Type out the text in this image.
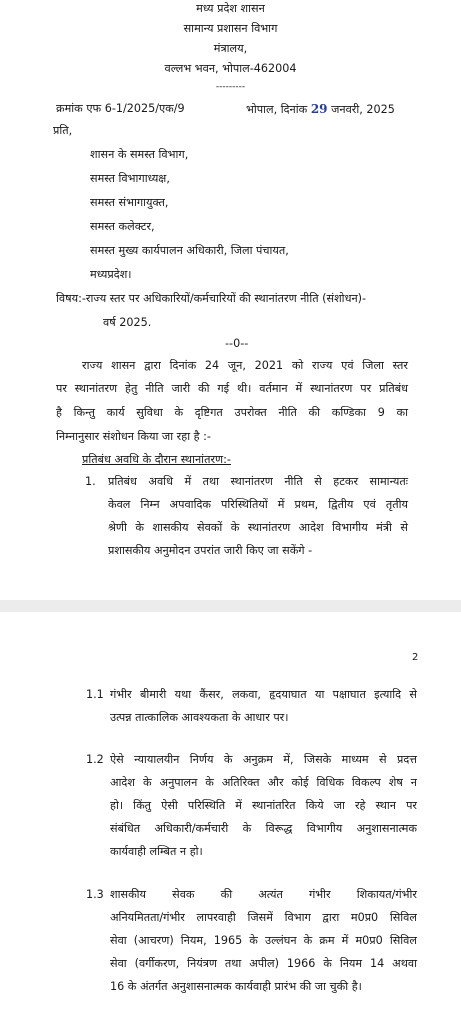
मध्य प्रदेश शासन
सामान्य प्रशासन विभाग
मंत्रालय,
वल्लभ भवन, भोपाल-462004
---------
क्रमांक एफ 6-1/2025/एक/9	भोपाल, दिनांक 29 जनवरी, 2025
प्रति,
शासन के समस्त विभाग,
समस्त विभागाध्यक्ष,
समस्त संभागायुक्त,
समस्त कलेक्टर,
समस्त मुख्य कार्यपालन अधिकारी, जिला पंचायत,
मध्यप्रदेश।
विषय:-राज्य स्तर पर अधिकारियों/कर्मचारियों की स्थानांतरण नीति (संशोधन)-
वर्ष 2025.
--0--
राज्य शासन द्वारा दिनांक 24 जून, 2021 को राज्य एवं जिला स्तर
पर स्थानांतरण हेतु नीति जारी की गई थी। वर्तमान में स्थानांतरण पर प्रतिबंध
है किन्तु कार्य सुविधा के दृष्टिगत उपरोक्त नीति की कण्डिका 9 का
निम्नानुसार संशोधन किया जा रहा है :-
प्रतिबंध अवधि के दौरान स्थानांतरण:-
1. प्रतिबंध अवधि में तथा स्थानांतरण नीति से हटकर सामान्यतः
केवल निम्न अपवादिक परिस्थितियों में प्रथम, द्वितीय एवं तृतीय
श्रेणी के शासकीय सेवकों के स्थानांतरण आदेश विभागीय मंत्री से
प्रशासकीय अनुमोदन उपरांत जारी किए जा सकेंगे -
2
1.1 गंभीर बीमारी यथा कैंसर, लकवा, हृदयाघात या पक्षाघात इत्यादि से
उत्पन्न तात्कालिक आवश्यकता के आधार पर।
1.2 ऐसे न्यायालयीन निर्णय के अनुक्रम में, जिसके माध्यम से प्रदत्त
आदेश के अनुपालन के अतिरिक्त और कोई विधिक विकल्प शेष न
हो। किंतु ऐसी परिस्थिति में स्थानांतरित किये जा रहे स्थान पर
संबंधित अधिकारी/कर्मचारी के विरूद्ध विभागीय अनुशासनात्मक
कार्यवाही लम्बित न हो।
1.3 शासकीय सेवक की अत्यंत गंभीर शिकायत/गंभीर
अनियमितता/गंभीर लापरवाही जिसमें विभाग द्वारा म0प्र0 सिविल
सेवा (आचरण) नियम, 1965 के उल्लंघन के क्रम में म0प्र0 सिविल
सेवा (वर्गीकरण, नियंत्रण तथा अपील) 1966 के नियम 14 अथवा
16 के अंतर्गत अनुशासनात्मक कार्यवाही प्रारंभ की जा चुकी है।
